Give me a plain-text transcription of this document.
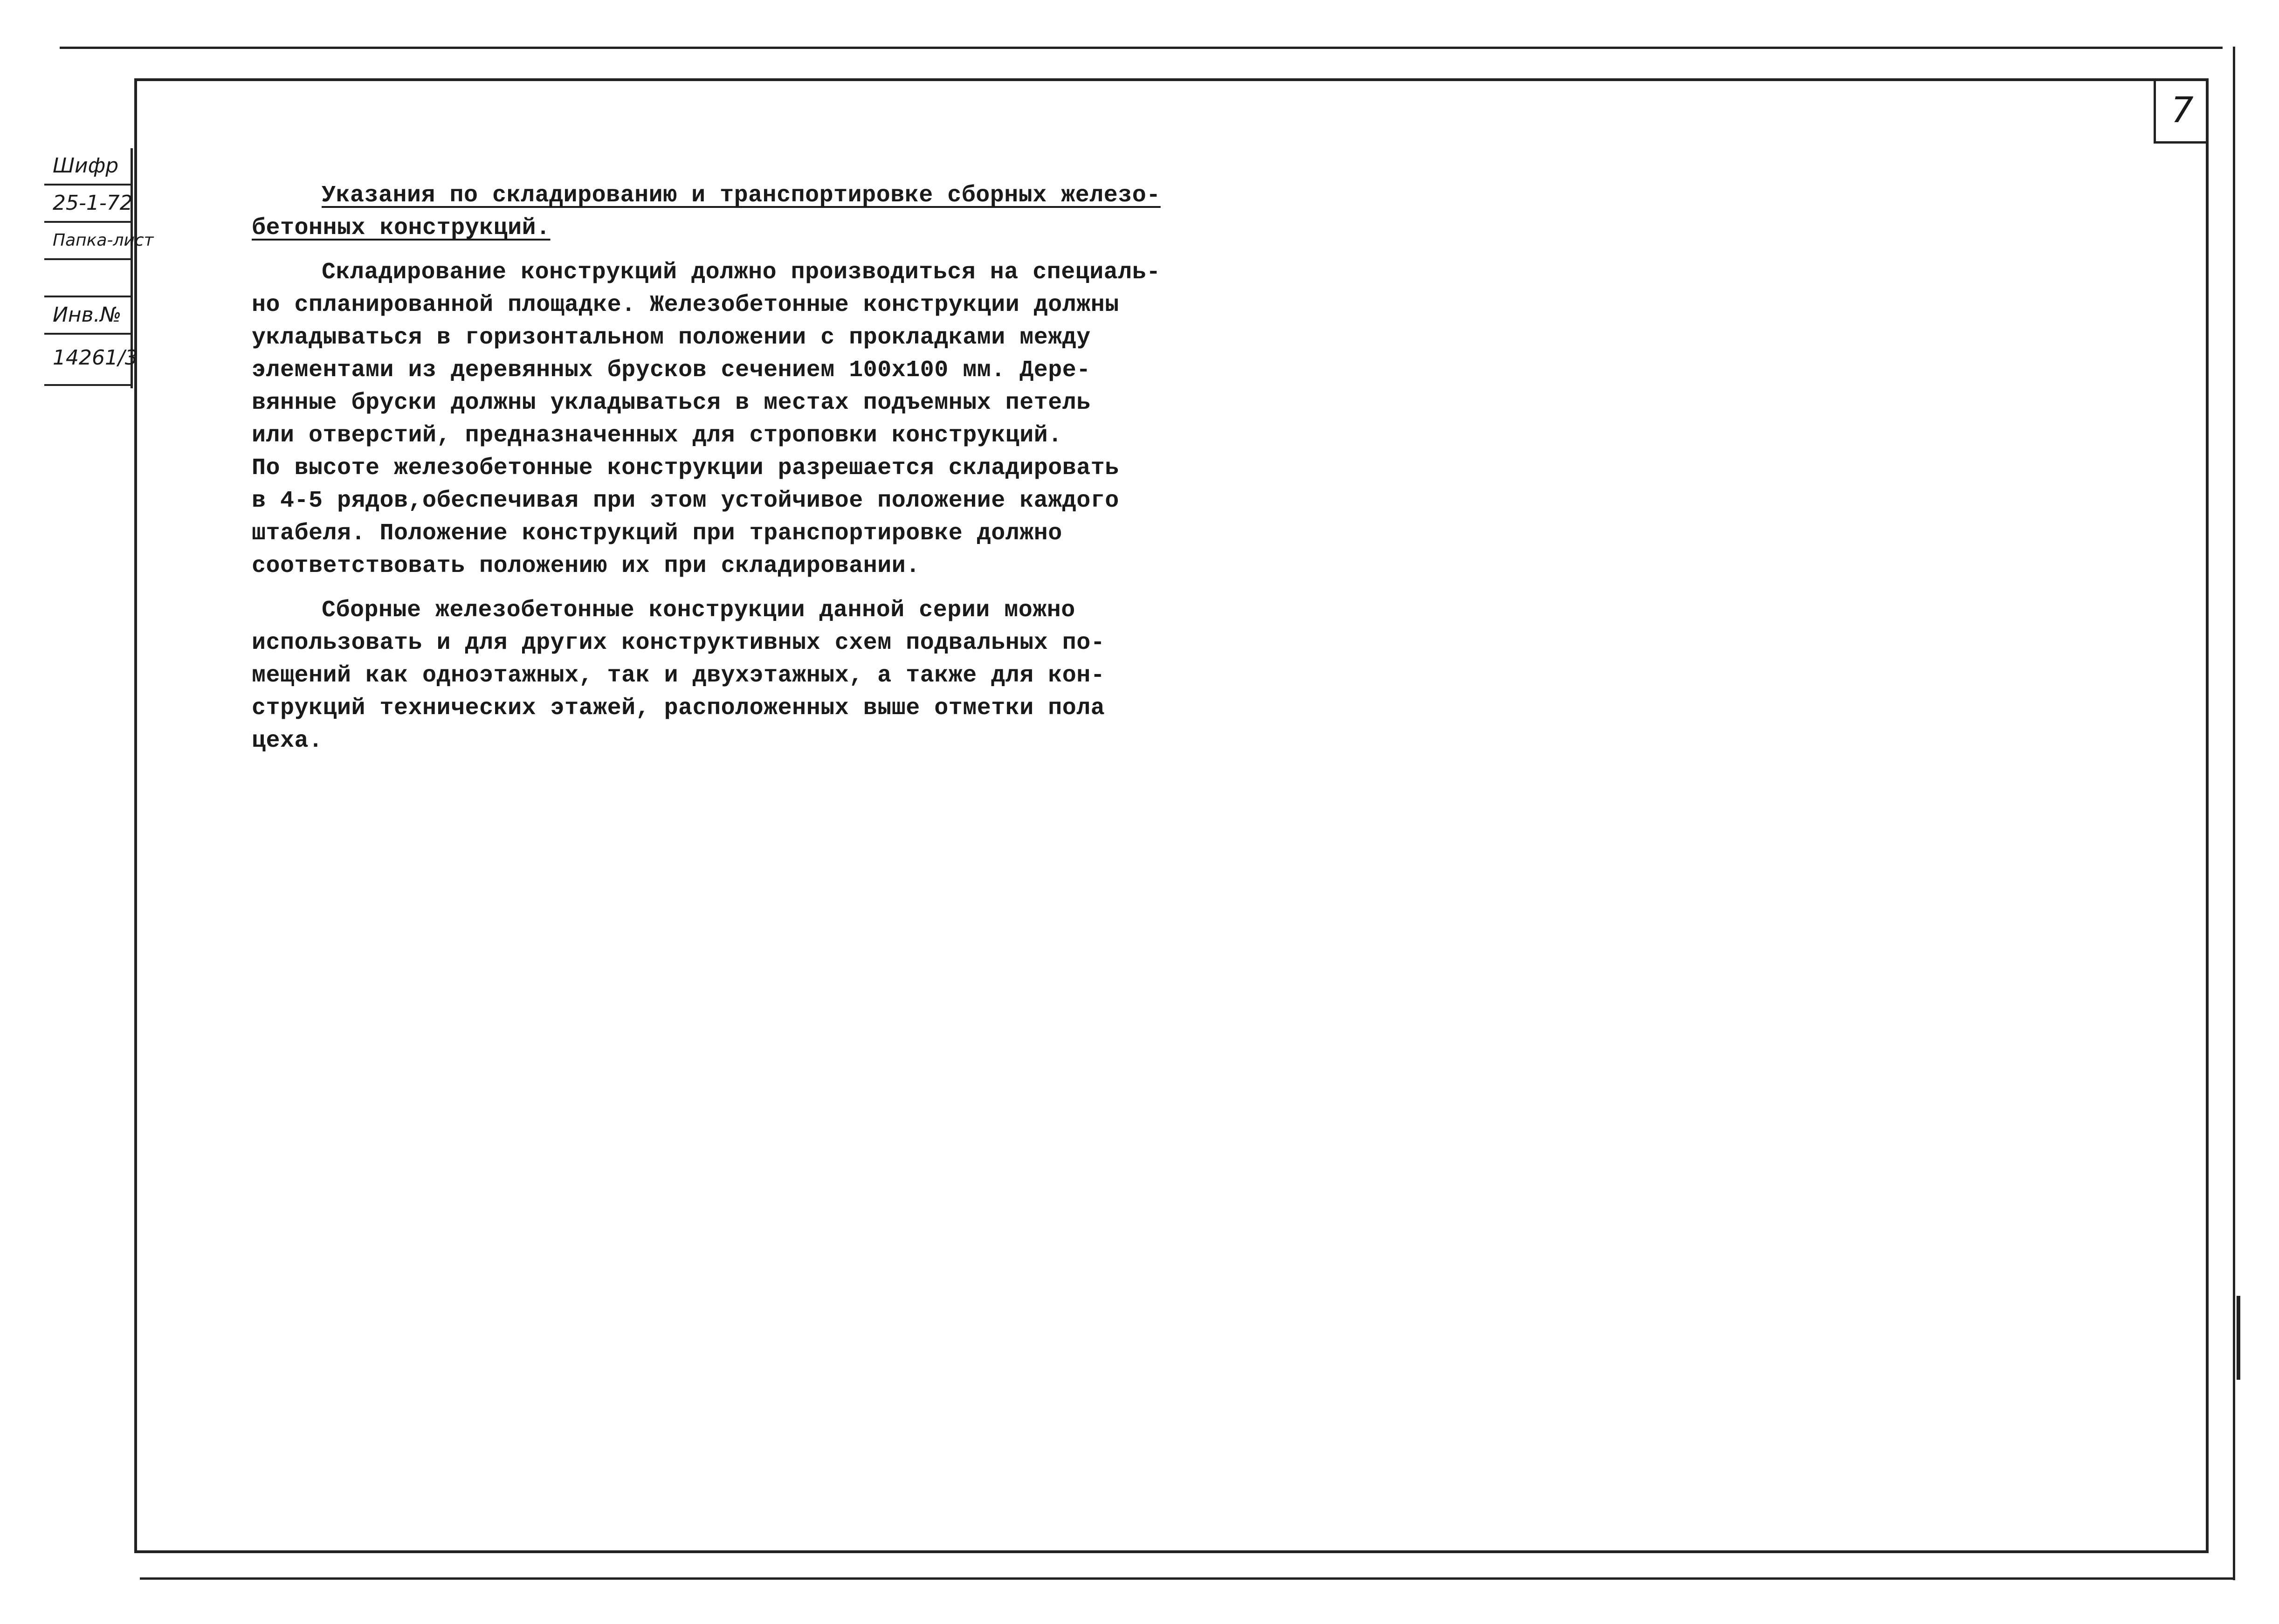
Шифр
25-1-72
Папка-лист
Инв.№
14261/3
7
Указания по складированию и транспортировке сборных железо-
бетонных конструкций.
Складирование конструкций должно производиться на специаль-
но спланированной площадке. Железобетонные конструкции должны
укладываться в горизонтальном положении с прокладками между
элементами из деревянных брусков сечением 100х100 мм. Дере-
вянные бруски должны укладываться в местах подъемных петель
или отверстий, предназначенных для строповки конструкций.
По высоте железобетонные конструкции разрешается складировать
в 4-5 рядов,обеспечивая при этом устойчивое положение каждого
штабеля. Положение конструкций при транспортировке должно
соответствовать положению их при складировании.
Сборные железобетонные конструкции данной серии можно
использовать и для других конструктивных схем подвальных по-
мещений как одноэтажных, так и двухэтажных, а также для кон-
струкций технических этажей, расположенных выше отметки пола
цеха.
